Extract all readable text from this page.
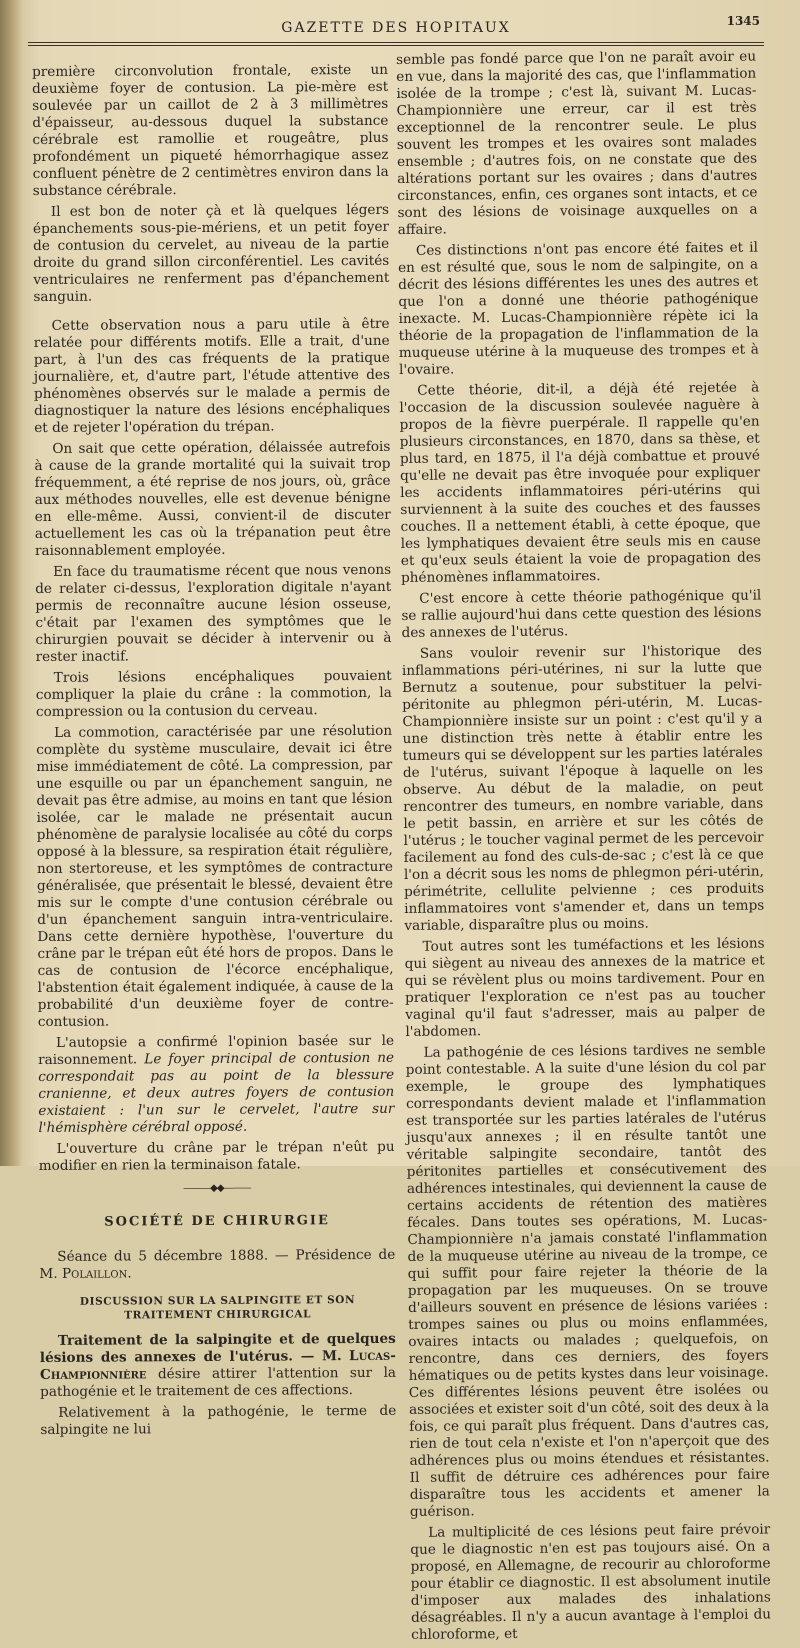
GAZETTE DES HOPITAUX	1345

première circonvolution frontale, existe un deuxième foyer de contusion. La pie-mère est soulevée par un caillot de 2 à 3 millimètres d'épaisseur, au-dessous duquel la substance cérébrale est ramollie et rougeâtre, plus profondément un piqueté hémorrhagique assez confluent pénètre de 2 centimètres environ dans la substance cérébrale.

Il est bon de noter çà et là quelques légers épanchements sous-pie-mériens, et un petit foyer de contusion du cervelet, au niveau de la partie droite du grand sillon circonférentiel. Les cavités ventriculaires ne renferment pas d'épanchement sanguin.

Cette observation nous a paru utile à être relatée pour différents motifs. Elle a trait, d'une part, à l'un des cas fréquents de la pratique journalière, et, d'autre part, l'étude attentive des phénomènes observés sur le malade a permis de diagnostiquer la nature des lésions encéphaliques et de rejeter l'opération du trépan.

On sait que cette opération, délaissée autrefois à cause de la grande mortalité qui la suivait trop fréquemment, a été reprise de nos jours, où, grâce aux méthodes nouvelles, elle est devenue bénigne en elle-même. Aussi, convient-il de discuter actuellement les cas où la trépanation peut être raisonnablement employée.

En face du traumatisme récent que nous venons de relater ci-dessus, l'exploration digitale n'ayant permis de reconnaître aucune lésion osseuse, c'était par l'examen des symptômes que le chirurgien pouvait se décider à intervenir ou à rester inactif.

Trois lésions encéphaliques pouvaient compliquer la plaie du crâne : la commotion, la compression ou la contusion du cerveau.

La commotion, caractérisée par une résolution complète du système musculaire, devait ici être mise immédiatement de côté. La compression, par une esquille ou par un épanchement sanguin, ne devait pas être admise, au moins en tant que lésion isolée, car le malade ne présentait aucun phénomène de paralysie localisée au côté du corps opposé à la blessure, sa respiration était régulière, non stertoreuse, et les symptômes de contracture généralisée, que présentait le blessé, devaient être mis sur le compte d'une contusion cérébrale ou d'un épanchement sanguin intra-ventriculaire. Dans cette dernière hypothèse, l'ouverture du crâne par le trépan eût été hors de propos. Dans le cas de contusion de l'écorce encéphalique, l'abstention était également indiquée, à cause de la probabilité d'un deuxième foyer de contre-contusion.

L'autopsie a confirmé l'opinion basée sur le raisonnement. Le foyer principal de contusion ne correspondait pas au point de la blessure cranienne, et deux autres foyers de contusion existaient : l'un sur le cervelet, l'autre sur l'hémisphère cérébral opposé.

L'ouverture du crâne par le trépan n'eût pu modifier en rien la terminaison fatale.

———◆◆———
SOCIÉTÉ DE CHIRURGIE

Séance du 5 décembre 1888. — Présidence de M. Polaillon.

DISCUSSION SUR LA SALPINGITE ET SON TRAITEMENT CHIRURGICAL

Traitement de la salpingite et de quelques lésions des annexes de l'utérus. — M. Lucas-Championnière désire attirer l'attention sur la pathogénie et le traitement de ces affections.

Relativement à la pathogénie, le terme de salpingite ne lui

semble pas fondé parce que l'on ne paraît avoir eu en vue, dans la majorité des cas, que l'inflammation isolée de la trompe ; c'est là, suivant M. Lucas-Championnière une erreur, car il est très exceptionnel de la rencontrer seule. Le plus souvent les trompes et les ovaires sont malades ensemble ; d'autres fois, on ne constate que des altérations portant sur les ovaires ; dans d'autres circonstances, enfin, ces organes sont intacts, et ce sont des lésions de voisinage auxquelles on a affaire.

Ces distinctions n'ont pas encore été faites et il en est résulté que, sous le nom de salpingite, on a décrit des lésions différentes les unes des autres et que l'on a donné une théorie pathogénique inexacte. M. Lucas-Championnière répète ici la théorie de la propagation de l'inflammation de la muqueuse utérine à la muqueuse des trompes et à l'ovaire.

Cette théorie, dit-il, a déjà été rejetée à l'occasion de la discussion soulevée naguère à propos de la fièvre puerpérale. Il rappelle qu'en plusieurs circonstances, en 1870, dans sa thèse, et plus tard, en 1875, il l'a déjà combattue et prouvé qu'elle ne devait pas être invoquée pour expliquer les accidents inflammatoires péri-utérins qui surviennent à la suite des couches et des fausses couches. Il a nettement établi, à cette époque, que les lymphatiques devaient être seuls mis en cause et qu'eux seuls étaient la voie de propagation des phénomènes inflammatoires.

C'est encore à cette théorie pathogénique qu'il se rallie aujourd'hui dans cette question des lésions des annexes de l'utérus.

Sans vouloir revenir sur l'historique des inflammations péri-utérines, ni sur la lutte que Bernutz a soutenue, pour substituer la pelvi-péritonite au phlegmon péri-utérin, M. Lucas-Championnière insiste sur un point : c'est qu'il y a une distinction très nette à établir entre les tumeurs qui se développent sur les parties latérales de l'utérus, suivant l'époque à laquelle on les observe. Au début de la maladie, on peut rencontrer des tumeurs, en nombre variable, dans le petit bassin, en arrière et sur les côtés de l'utérus ; le toucher vaginal permet de les percevoir facilement au fond des culs-de-sac ; c'est là ce que l'on a décrit sous les noms de phlegmon péri-utérin, périmétrite, cellulite pelvienne ; ces produits inflammatoires vont s'amender et, dans un temps variable, disparaître plus ou moins.

Tout autres sont les tuméfactions et les lésions qui siègent au niveau des annexes de la matrice et qui se révèlent plus ou moins tardivement. Pour en pratiquer l'exploration ce n'est pas au toucher vaginal qu'il faut s'adresser, mais au palper de l'abdomen.

La pathogénie de ces lésions tardives ne semble point contestable. A la suite d'une lésion du col par exemple, le groupe des lymphatiques correspondants devient malade et l'inflammation est transportée sur les parties latérales de l'utérus jusqu'aux annexes ; il en résulte tantôt une véritable salpingite secondaire, tantôt des péritonites partielles et consécutivement des adhérences intestinales, qui deviennent la cause de certains accidents de rétention des matières fécales. Dans toutes ses opérations, M. Lucas-Championnière n'a jamais constaté l'inflammation de la muqueuse utérine au niveau de la trompe, ce qui suffit pour faire rejeter la théorie de la propagation par les muqueuses. On se trouve d'ailleurs souvent en présence de lésions variées : trompes saines ou plus ou moins enflammées, ovaires intacts ou malades ; quelquefois, on rencontre, dans ces derniers, des foyers hématiques ou de petits kystes dans leur voisinage. Ces différentes lésions peuvent être isolées ou associées et exister soit d'un côté, soit des deux à la fois, ce qui paraît plus fréquent. Dans d'autres cas, rien de tout cela n'existe et l'on n'aperçoit que des adhérences plus ou moins étendues et résistantes. Il suffit de détruire ces adhérences pour faire disparaître tous les accidents et amener la guérison.

La multiplicité de ces lésions peut faire prévoir que le diagnostic n'en est pas toujours aisé. On a proposé, en Allemagne, de recourir au chloroforme pour établir ce diagnostic. Il est absolument inutile d'imposer aux malades des inhalations désagréables. Il n'y a aucun avantage à l'emploi du chloroforme, et
